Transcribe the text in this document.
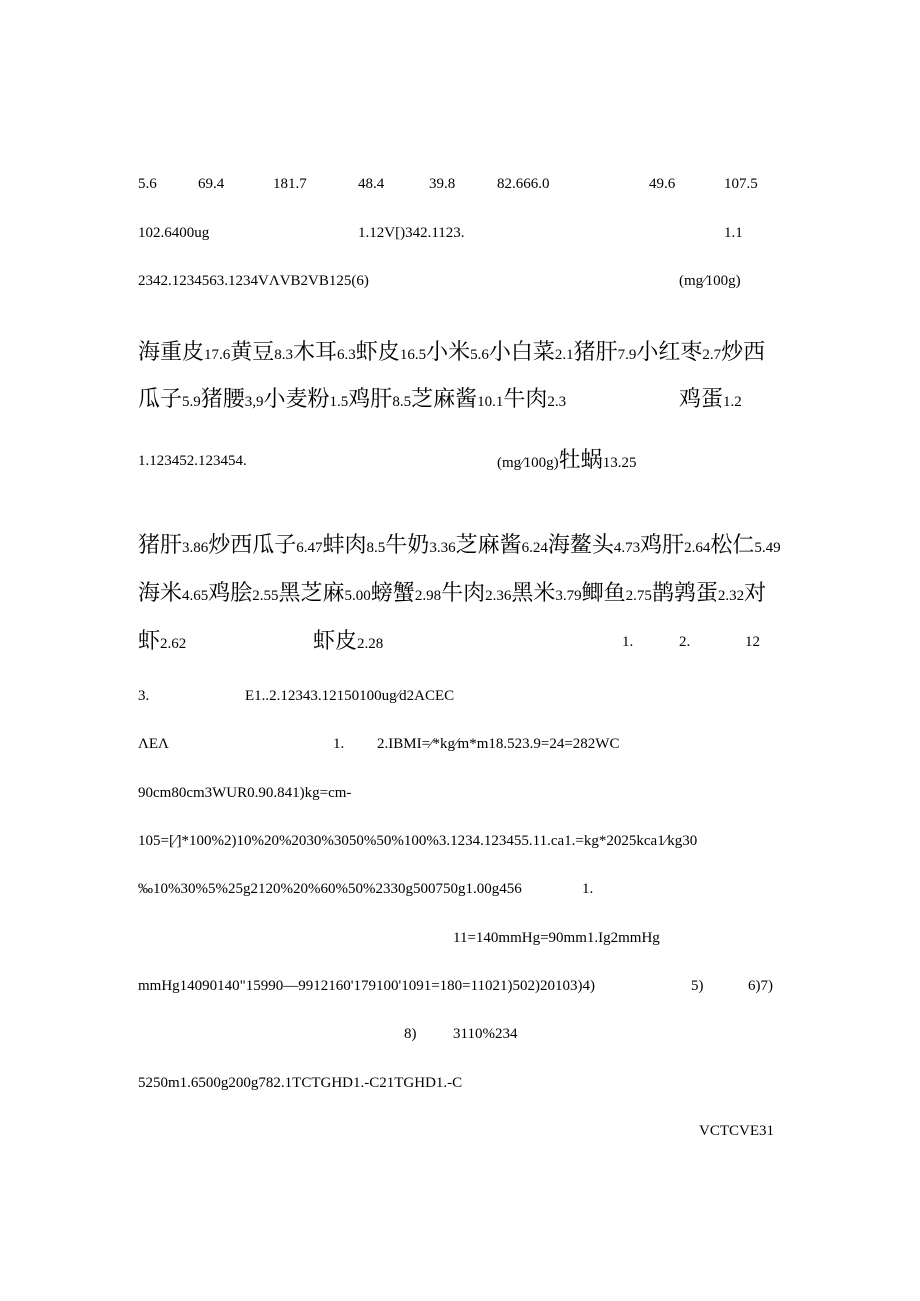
5.6	69.4	181.7	48.4	39.8	82.666.0	49.6	107.5
102.6400ug	1.12V[)342.1123.	1.1
2342.1234563.1234VΛVB2VB125(6)	(mg∕100g)
海重皮17.6黄豆8.3木耳6.3虾皮16.5小米5.6小白菜2.1猪肝7.9小红枣2.7炒西
瓜子5.9猪腰3,9小麦粉1.5鸡肝8.5芝麻酱10.1牛肉2.3	鸡蛋1.2
1.123452.123454.	(mg∕100g)牡蜗13.25
猪肝3.86炒西瓜子6.47蚌肉8.5牛奶3.36芝麻酱6.24海鳌头4.73鸡肝2.64松仁5.49
海米4.65鸡脍2.55黑芝麻5.00螃蟹2.98牛肉2.36黑米3.79鲫鱼2.75鹊鹑蛋2.32对
虾2.62	虾皮2.28	1.	2.	12
3.	E1..2.12343.12150100ug∕d2ACEC
ΛEΛ	1. 2.IBMI=∕*kg∕m*m18.523.9=24=282WC
90cm80cm3WUR0.90.841)kg=cm-
105=[∕]*100%2)10%20%2030%3050%50%100%3.1234.123455.11.ca1.=kg*2025kca1∕kg30
‰10%30%5%25g2120%20%60%50%2330g500750g1.00g456	1.
11=140mmHg=90mm1.Ig2mmHg
mmHg14090140"15990—9912160'179100'1091=180=11021)502)20103)4)	5)	6)7)
8) 3110%234
5250m1.6500g200g782.1TCTGHD1.-C21TGHD1.-C
VCTCVE31
